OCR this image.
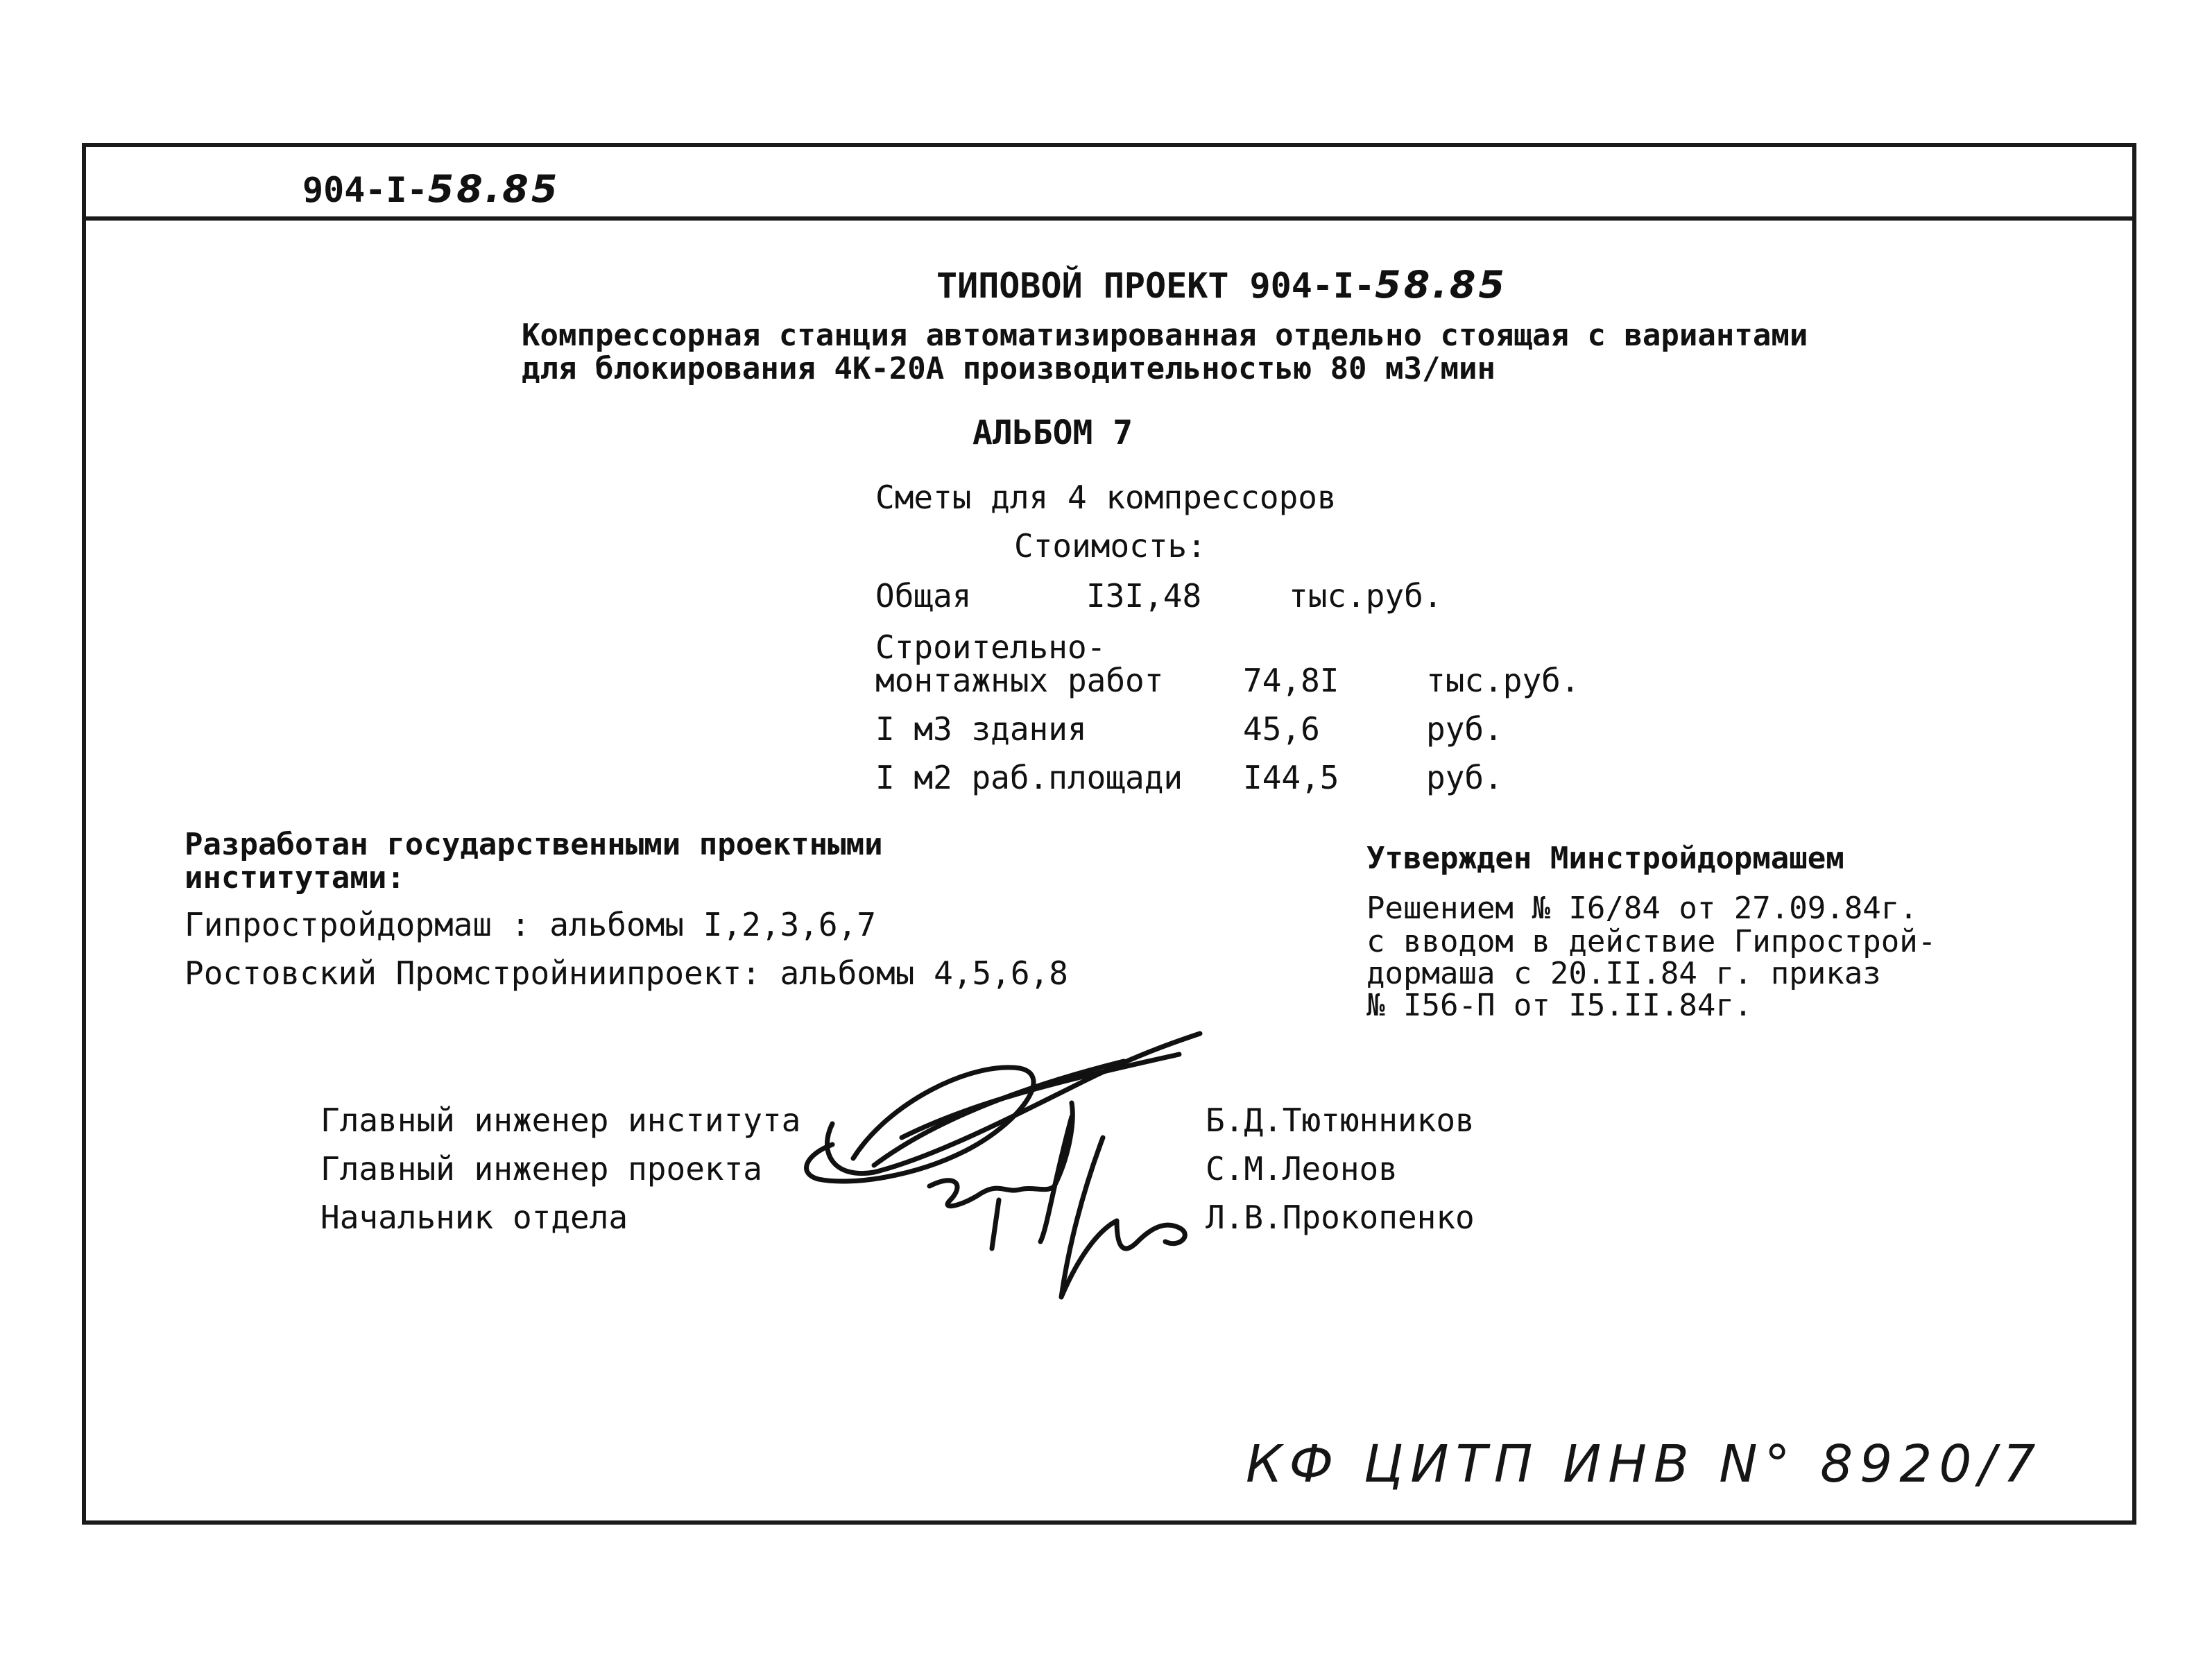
904-I-58.85
ТИПОВОЙ ПРОЕКТ 904-I-58.85
Компрессорная станция автоматизированная отдельно стоящая с вариантами
для блокирования 4К-20А производительностью 80 м3/мин
АЛЬБОМ 7
Сметы для 4 компрессоров
Стоимость:
Общая	I3I,48	тыс.руб.
Строительно-
монтажных работ 74,8I	тыс.руб.
I м3 здания	45,6	руб.
I м2 раб.площади I44,5	руб.
Разработан государственными проектными
институтами:
Гипростройдормаш : альбомы I,2,3,6,7
Ростовский Промстройниипроект: альбомы 4,5,6,8
Утвержден Минстройдормашем
Решением № I6/84 от 27.09.84г.
с вводом в действие Гипрострой-
дормаша с 20.II.84 г. приказ
№ I56-П от I5.II.84г.
Главный инженер института	Б.Д.Тютюнников
Главный инженер проекта	С.М.Леонов
Начальник отдела	Л.В.Прокопенко
КФ ЦИТП ИНВ N° 8920/7
